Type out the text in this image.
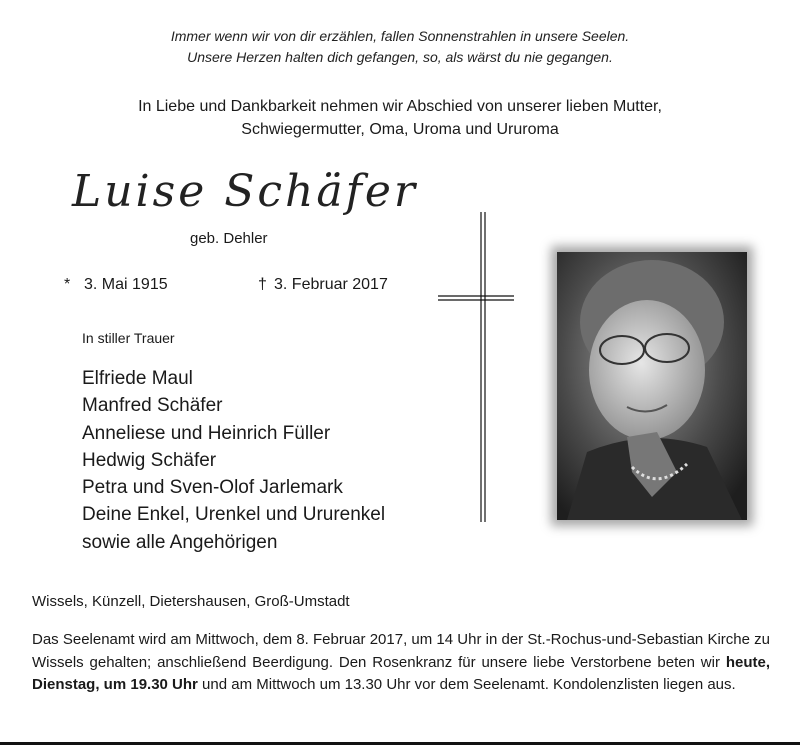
Immer wenn wir von dir erzählen, fallen Sonnenstrahlen in unsere Seelen.
Unsere Herzen halten dich gefangen, so, als wärst du nie gegangen.
In Liebe und Dankbarkeit nehmen wir Abschied von unserer lieben Mutter,
Schwiegermutter, Oma, Uroma und Ururoma
Luise Schäfer
geb. Dehler
* 3. Mai 1915	† 3. Februar 2017
In stiller Trauer
Elfriede Maul
Manfred Schäfer
Anneliese und Heinrich Füller
Hedwig Schäfer
Petra und Sven-Olof Jarlemark
Deine Enkel, Urenkel und Ururenkel
sowie alle Angehörigen
Wissels, Künzell, Dietershausen, Groß-Umstadt
Das Seelenamt wird am Mittwoch, dem 8. Februar 2017, um 14 Uhr in der St.-Rochus-und-Sebastian Kirche zu Wissels gehalten; anschließend Beerdigung. Den Rosenkranz für unsere liebe Verstorbene beten wir heute, Dienstag, um 19.30 Uhr und am Mittwoch um 13.30 Uhr vor dem Seelenamt. Kondolenzlisten liegen aus.
